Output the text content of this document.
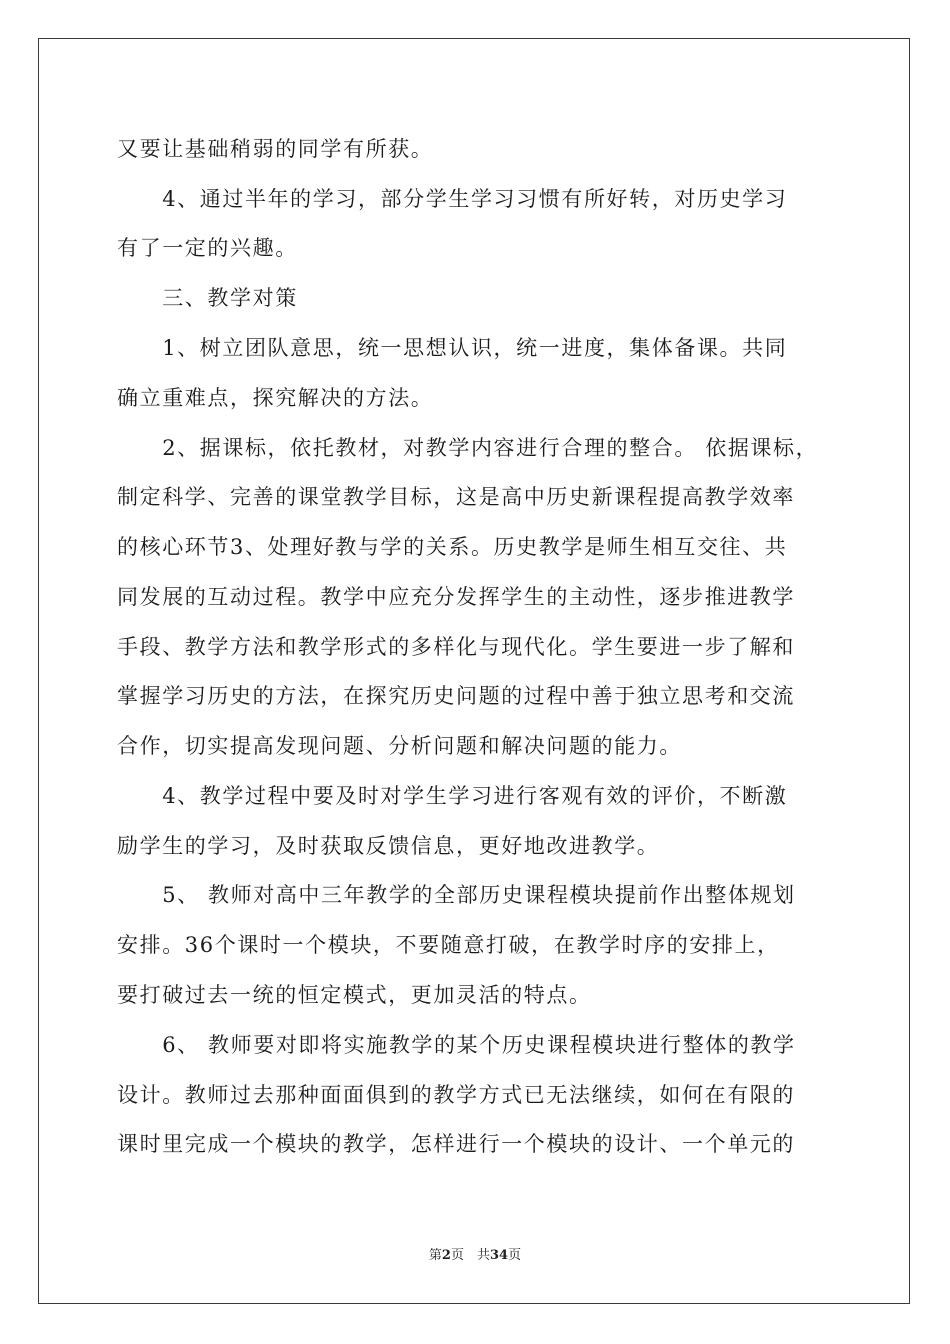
又要让基础稍弱的同学有所获。

　　4、通过半年的学习，部分学生学习习惯有所好转，对历史学习

有了一定的兴趣。

　　三、教学对策

　　1、树立团队意思，统一思想认识，统一进度，集体备课。共同

确立重难点，探究解决的方法。

　　2、据课标，依托教材，对教学内容进行合理的整合。 依据课标，

制定科学、完善的课堂教学目标，这是高中历史新课程提高教学效率

的核心环节3、处理好教与学的关系。历史教学是师生相互交往、共

同发展的互动过程。教学中应充分发挥学生的主动性，逐步推进教学

手段、教学方法和教学形式的多样化与现代化。学生要进一步了解和

掌握学习历史的方法，在探究历史问题的过程中善于独立思考和交流

合作，切实提高发现问题、分析问题和解决问题的能力。

　　4、教学过程中要及时对学生学习进行客观有效的评价，不断激

励学生的学习，及时获取反馈信息，更好地改进教学。

　　5、 教师对高中三年教学的全部历史课程模块提前作出整体规划

安排。36个课时一个模块，不要随意打破，在教学时序的安排上，

要打破过去一统的恒定模式，更加灵活的特点。

　　6、 教师要对即将实施教学的某个历史课程模块进行整体的教学

设计。教师过去那种面面俱到的教学方式已无法继续，如何在有限的

课时里完成一个模块的教学，怎样进行一个模块的设计、一个单元的

第2页　共34页
